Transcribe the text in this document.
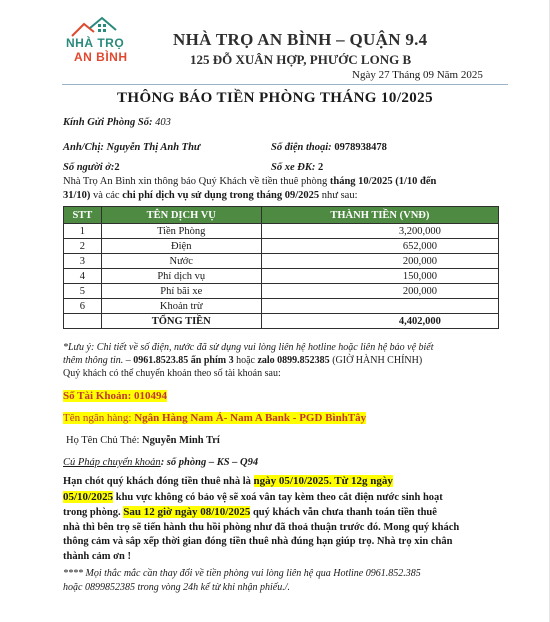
NHÀ TRỌ
AN BÌNH
NHÀ TRỌ AN BÌNH – QUẬN 9.4
125 ĐỖ XUÂN HỢP, PHƯỚC LONG B
Ngày 27 Tháng 09 Năm 2025
THÔNG BÁO TIỀN PHÒNG THÁNG 10/2025
Kính Gửi Phòng Số: 403
Anh/Chị: Nguyễn Thị Anh Thư	Số điện thoại: 0978938478
Số người ở:2	Số xe ĐK: 2
Nhà Trọ An Bình xin thông báo Quý Khách về tiền thuê phòng tháng 10/2025 (1/10 đến
31/10) và các chi phí dịch vụ sử dụng trong tháng 09/2025 như sau:
STT	TÊN DỊCH VỤ	THÀNH TIỀN (VNĐ)
1	Tiền Phòng	3,200,000
2	Điện	652,000
3	Nước	200,000
4	Phí dịch vụ	150,000
5	Phí bãi xe	200,000
6	Khoản trừ	
	TỔNG TIỀN	4,402,000
*Lưu ý: Chi tiết về số điện, nước đã sử dụng vui lòng liên hệ hotline hoặc liên hệ bảo vệ biết
thêm thông tin. – 0961.8523.85 ấn phím 3 hoặc zalo 0899.852385 (GIỜ HÀNH CHÍNH)
Quý khách có thể chuyển khoản theo số tài khoản sau:
Số Tài Khoản: 010494
Tên ngân hàng: Ngân Hàng Nam Á- Nam A Bank - PGD BìnhTây
Họ Tên Chủ Thẻ: Nguyễn Minh Trí
Cú Pháp chuyển khoản: số phòng – KS – Q94
Hạn chót quý khách đóng tiền thuê nhà là ngày 05/10/2025. Từ 12g ngày
05/10/2025 khu vực không có bảo vệ sẽ xoá vân tay kèm theo cắt điện nước sinh hoạt
trong phòng. Sau 12 giờ ngày 08/10/2025 quý khách vẫn chưa thanh toán tiền thuê
nhà thì bên trọ sẽ tiến hành thu hồi phòng như đã thoả thuận trước đó. Mong quý khách
thông cảm và sắp xếp thời gian đóng tiền thuê nhà đúng hạn giúp trọ. Nhà trọ xin chân
thành cảm ơn !
**** Mọi thắc mắc cần thay đổi về tiền phòng vui lòng liên hệ qua Hotline 0961.852.385
hoặc 0899852385 trong vòng 24h kể từ khi nhận phiếu./.
